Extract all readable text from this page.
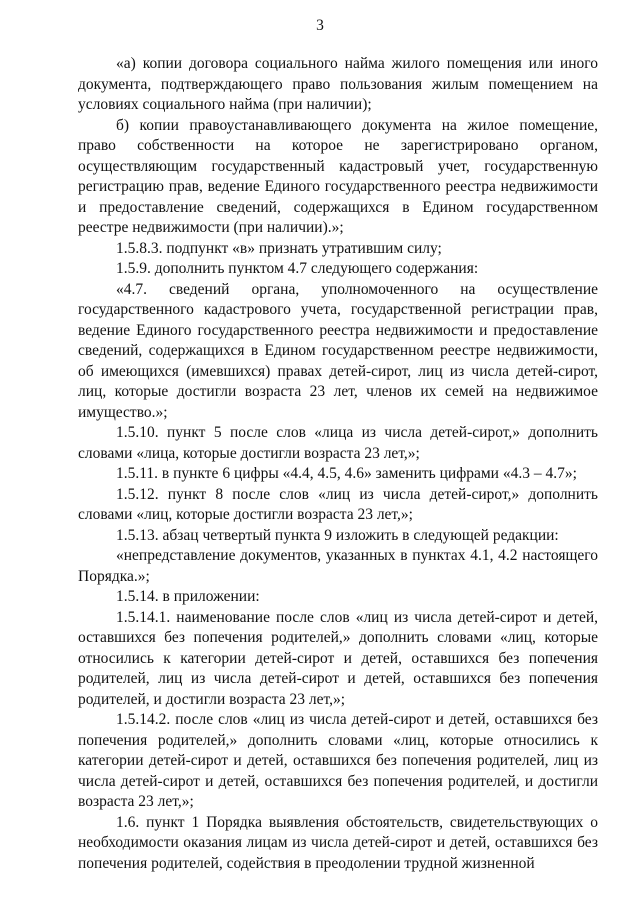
3

«а) копии договора социального найма жилого помещения или иного документа, подтверждающего право пользования жилым помещением на условиях социального найма (при наличии);

б) копии правоустанавливающего документа на жилое помещение, право собственности на которое не зарегистрировано органом, осуществляющим государственный кадастровый учет, государственную регистрацию прав, ведение Единого государственного реестра недвижимости и предоставление сведений, содержащихся в Едином государственном реестре недвижимости (при наличии).»;

1.5.8.3. подпункт «в» признать утратившим силу;

1.5.9. дополнить пунктом 4.7 следующего содержания:

«4.7. сведений органа, уполномоченного на осуществление государственного кадастрового учета, государственной регистрации прав, ведение Единого государственного реестра недвижимости и предоставление сведений, содержащихся в Едином государственном реестре недвижимости, об имеющихся (имевшихся) правах детей-сирот, лиц из числа детей-сирот, лиц, которые достигли возраста 23 лет, членов их семей на недвижимое имущество.»;

1.5.10. пункт 5 после слов «лица из числа детей-сирот,» дополнить словами «лица, которые достигли возраста 23 лет,»;

1.5.11. в пункте 6 цифры «4.4, 4.5, 4.6» заменить цифрами «4.3 – 4.7»;

1.5.12. пункт 8 после слов «лиц из числа детей-сирот,» дополнить словами «лиц, которые достигли возраста 23 лет,»;

1.5.13. абзац четвертый пункта 9 изложить в следующей редакции:

«непредставление документов, указанных в пунктах 4.1, 4.2 настоящего Порядка.»;

1.5.14. в приложении:

1.5.14.1. наименование после слов «лиц из числа детей-сирот и детей, оставшихся без попечения родителей,» дополнить словами «лиц, которые относились к категории детей-сирот и детей, оставшихся без попечения родителей, лиц из числа детей-сирот и детей, оставшихся без попечения родителей, и достигли возраста 23 лет,»;

1.5.14.2. после слов «лиц из числа детей-сирот и детей, оставшихся без попечения родителей,» дополнить словами «лиц, которые относились к категории детей-сирот и детей, оставшихся без попечения родителей, лиц из числа детей-сирот и детей, оставшихся без попечения родителей, и достигли возраста 23 лет,»;

1.6. пункт 1 Порядка выявления обстоятельств, свидетельствующих о необходимости оказания лицам из числа детей-сирот и детей, оставшихся без попечения родителей, содействия в преодолении трудной жизненной
